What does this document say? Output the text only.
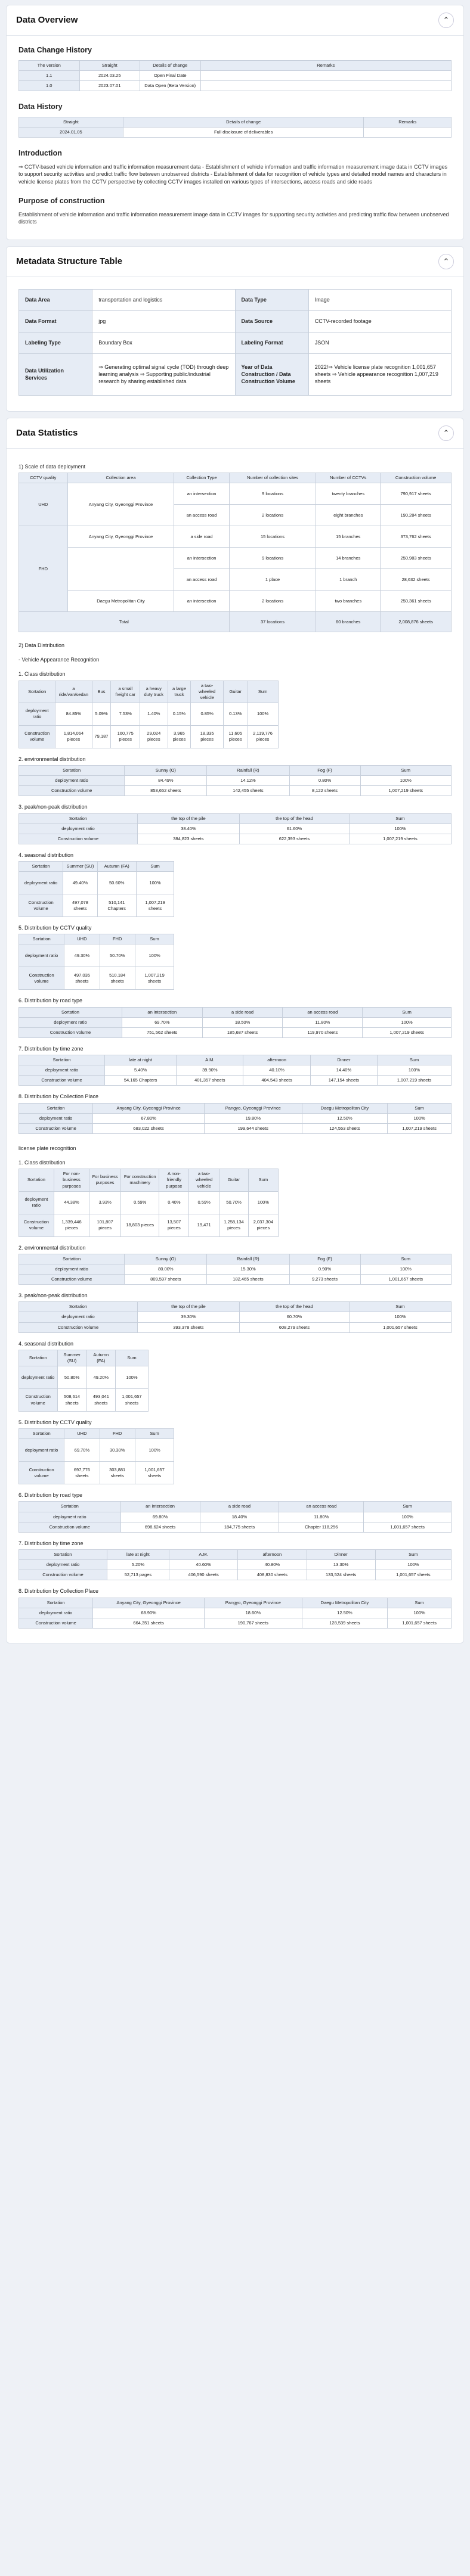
Data Overview	⌃
Data Change History
The version	Straight	Details of change	Remarks
1.1	2024.03.25	Open Final Date	
1.0	2023.07.01	Data Open (Beta Version)	
Data History
Straight	Details of change	Remarks
2024.01.05	Full disclosure of deliverables	
Introduction

⇒ CCTV-based vehicle information and traffic information measurement data - Establishment of vehicle information and traffic information measurement image data in CCTV images to support security activities and predict traffic flow between unobserved districts - Establishment of data for recognition of vehicle types and detailed model names and characters in vehicle license plates from the CCTV perspective by collecting CCTV images installed on various types of intersections, access roads and side roads

Purpose of construction

Establishment of vehicle information and traffic information measurement image data in CCTV images for supporting security activities and predicting traffic flow between unobserved districts

Metadata Structure Table	⌃
Data Area	transportation and logistics	Data Type	Image
Data Format	jpg	Data Source	CCTV-recorded footage
Labeling Type	Boundary Box	Labeling Format	JSON
Data Utilization Services	⇒ Generating optimal signal cycle (TOD) through deep learning analysis ⇒ Supporting public/industrial research by sharing established data	Year of Data Construction / Data Construction Volume	2022/⇒ Vehicle license plate recognition 1,001,657 sheets ⇒ Vehicle appearance recognition 1,007,219 sheets
Data Statistics	⌃
1) Scale of data deployment
CCTV quality	Collection area	Collection Type	Number of collection sites	Number of CCTVs	Construction volume
UHD	Anyang City, Gyeonggi Province	an intersection	9 locations	twenty branches	790,917 sheets
		an access road	2 locations	eight branches	190,284 sheets
FHD	Anyang City, Gyeonggi Province	a side road	15 locations	15 branches	373,762 sheets
		an intersection	9 locations	14 branches	250,983 sheets
		an access road	1 place	1 branch	28,632 sheets
	Daegu Metropolitan City	an intersection	2 locations	two branches	250,361 sheets
Total			37 locations	60 branches	2,008,876 sheets
2) Data Distribution
- Vehicle Appearance Recognition
1. Class distribution
Sortation	a ride/van/sedan	Bus	a small freight car	a heavy duty truck	a large truck	a two-wheeled vehicle	Guitar	Sum
deployment ratio	84.85%	5.09%	7.53%	1.40%	0.15%	0.85%	0.13%	100%
Construction volume	1,814,064 pieces	79,187	160,775 pieces	29,024 pieces	3,965 pieces	18,335 pieces	11,605 pieces	2,119,776 pieces
2. environmental distribution
Sortation	Sunny (O)	Rainfall (R)	Fog (F)	Sum
deployment ratio	84.49%	14.12%	0.80%	100%
Construction volume	853,652 sheets	142,455 sheets	8,122 sheets	1,007,219 sheets
3. peak/non-peak distribution
Sortation	the top of the pile	the top of the head	Sum
deployment ratio	38.40%	61.60%	100%
Construction volume	384,823 sheets	622,393 sheets	1,007,219 sheets
4. seasonal distribution
Sortation	Summer (SU)	Autumn (FA)	Sum
deployment ratio	49.40%	50.60%	100%
Construction volume	497,078 sheets	510,141 Chapters	1,007,219 sheets
5. Distribution by CCTV quality
Sortation	UHD	FHD	Sum
deployment ratio	49.30%	50.70%	100%
Construction volume	497,035 sheets	510,184 sheets	1,007,219 sheets
6. Distribution by road type
Sortation	an intersection	a side road	an access road	Sum
deployment ratio	69.70%	18.50%	11.80%	100%
Construction volume	751,562 sheets	185,687 sheets	119,970 sheets	1,007,219 sheets
7. Distribution by time zone
Sortation	late at night	A.M.	afternoon	Dinner	Sum
deployment ratio	5.40%	39.90%	40.10%	14.40%	100%
Construction volume	54,165 Chapters	401,357 sheets	404,543 sheets	147,154 sheets	1,007,219 sheets
8. Distribution by Collection Place
Sortation	Anyang City, Gyeonggi Province	Pangyo, Gyeonggi Province	Daegu Metropolitan City	Sum
deployment ratio	67.80%	19.80%	12.50%	100%
Construction volume	683,022 sheets	199,644 sheets	124,553 sheets	1,007,219 sheets
license plate recognition
1. Class distribution
Sortation	For non-business purposes	For business purposes	For construction machinery	A non-friendly purpose	a two-wheeled vehicle	Guitar	Sum
deployment ratio	44.38%	3.93%	0.59%	0.40%	0.59%	50.70%	100%
Construction volume	1,339,446 pieces	101,807 pieces	18,803 pieces	13,507 pieces	19,471	1,258,134 pieces	2,037,304 pieces
2. environmental distribution
Sortation	Sunny (O)	Rainfall (R)	Fog (F)	Sum
deployment ratio	80.00%	15.30%	0.90%	100%
Construction volume	809,597 sheets	182,465 sheets	9,273 sheets	1,001,657 sheets
3. peak/non-peak distribution
Sortation	the top of the pile	the top of the head	Sum
deployment ratio	39.30%	60.70%	100%
Construction volume	393,378 sheets	608,279 sheets	1,001,657 sheets
4. seasonal distribution
Sortation	Summer (SU)	Autumn (FA)	Sum
deployment ratio	50.80%	49.20%	100%
Construction volume	508,614 sheets	493,041 sheets	1,001,657 sheets
5. Distribution by CCTV quality
Sortation	UHD	FHD	Sum
deployment ratio	69.70%	30.30%	100%
Construction volume	697,776 sheets	303,881 sheets	1,001,657 sheets
6. Distribution by road type
Sortation	an intersection	a side road	an access road	Sum
deployment ratio	69.80%	18.40%	11.80%	100%
Construction volume	698,624 sheets	184,775 sheets	Chapter 118,256	1,001,657 sheets
7. Distribution by time zone
Sortation	late at night	A.M.	afternoon	Dinner	Sum
deployment ratio	5.20%	40.60%	40.80%	13.30%	100%
Construction volume	52,713 pages	406,590 sheets	408,830 sheets	133,524 sheets	1,001,657 sheets
8. Distribution by Collection Place
Sortation	Anyang City, Gyeonggi Province	Pangyo, Gyeonggi Province	Daegu Metropolitan City	Sum
deployment ratio	68.90%	18.60%	12.50%	100%
Construction volume	664,351 sheets	190,767 sheets	128,539 sheets	1,001,657 sheets
